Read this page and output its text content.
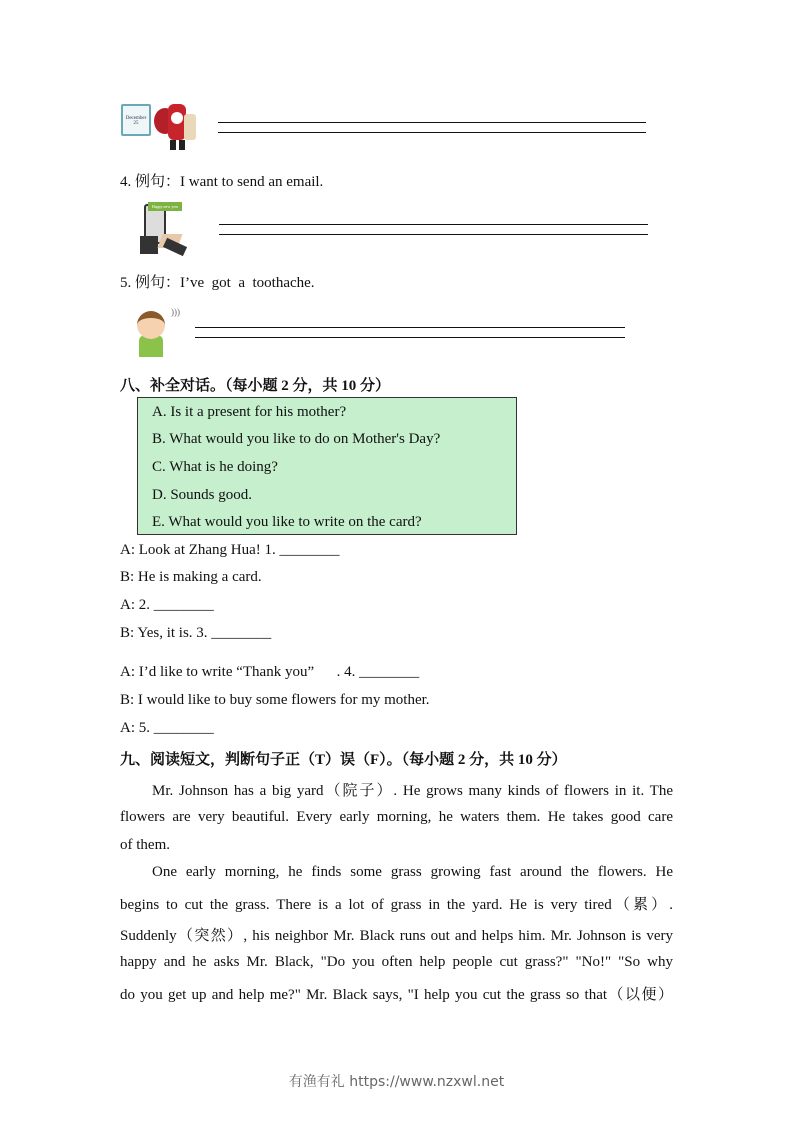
December 25
4. 例句：I want to send an email.
Happy new year
5. 例句：I’ve  got  a  toothache.
)))
八、补全对话。（每小题 2 分，共 10 分）
A. Is it a present for his mother?
B. What would you like to do on Mother's Day?
C. What is he doing?
D. Sounds good.
E. What would you like to write on the card?
A: Look at Zhang Hua! 1. ________
B: He is making a card.
A: 2. ________
B: Yes, it is. 3. ________
A: I’d like to write “Thank you”      . 4. ________
B: I would like to buy some flowers for my mother.
A: 5. ________
九、阅读短文，判断句子正（T）误（F）。（每小题 2 分，共 10 分）
Mr. Johnson has a big yard（院子）. He grows many kinds of flowers in it. The
flowers are very beautiful. Every early morning, he waters them. He takes good care
of them.
One early morning, he finds some grass growing fast around the flowers. He
begins to cut the grass. There is a lot of grass in the yard. He is very tired（累）.
Suddenly（突然）, his neighbor Mr. Black runs out and helps him. Mr. Johnson is very
happy and he asks Mr. Black, "Do you often help people cut grass?" "No!" "So why
do you get up and help me?" Mr. Black says, "I help you cut the grass so that（以便）
有渔有礼 https://www.nzxwl.net
